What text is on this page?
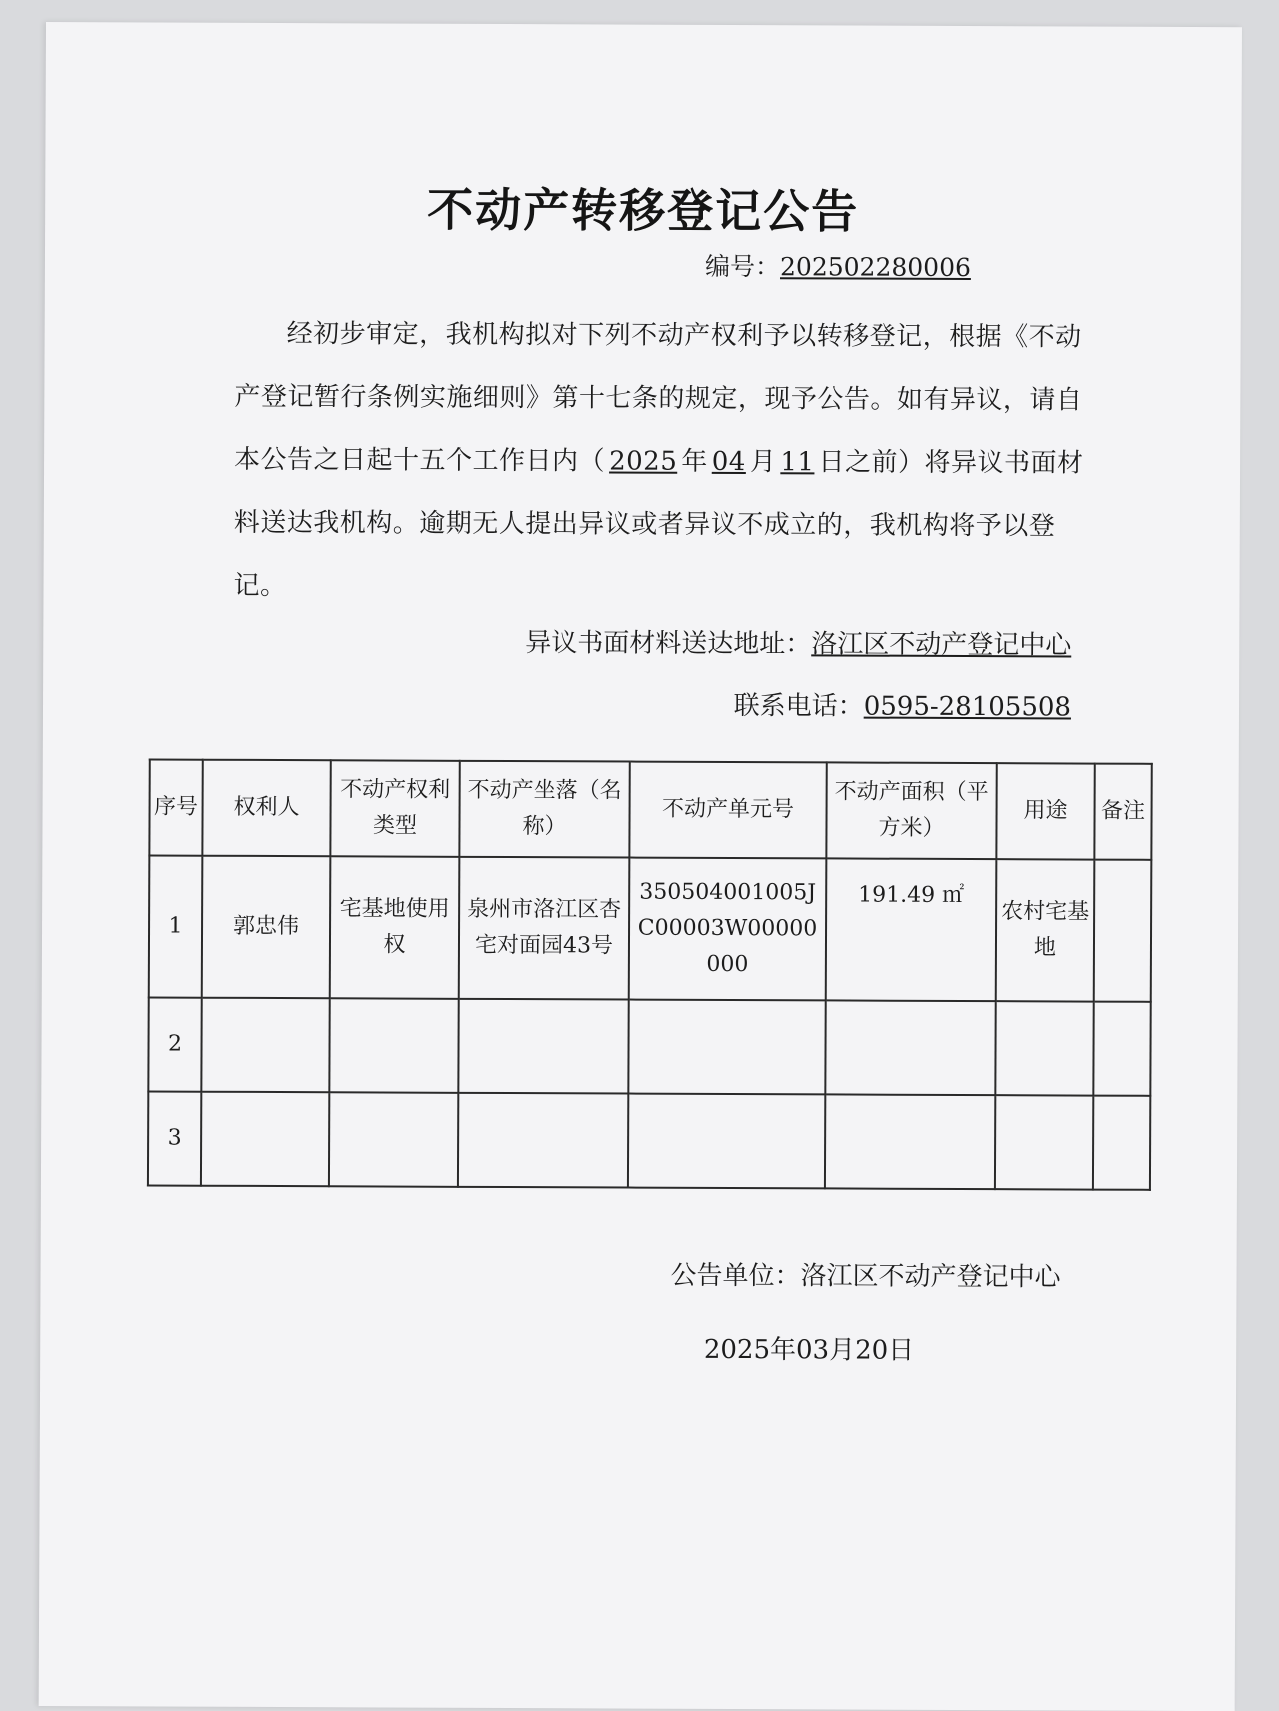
不动产转移登记公告
编号：202502280006
经初步审定，我机构拟对下列不动产权利予以转移登记，根据《不动产登记暂行条例实施细则》第十七条的规定，现予公告。如有异议，请自本公告之日起十五个工作日内（ 2025 年 04 月 11 日之前）将异议书面材料送达我机构。逾期无人提出异议或者异议不成立的，我机构将予以登记。
异议书面材料送达地址：洛江区不动产登记中心
联系电话：0595-28105508
序号	权利人	不动产权利类型	不动产坐落（名称）	不动产单元号	不动产面积（平方米）	用途	备注
1	郭忠伟	宅基地使用权	泉州市洛江区杏宅对面园43号	350504001005JC00003W00000000	191.49 ㎡	农村宅基地	
2							
3							
公告单位：洛江区不动产登记中心
2025年03月20日
